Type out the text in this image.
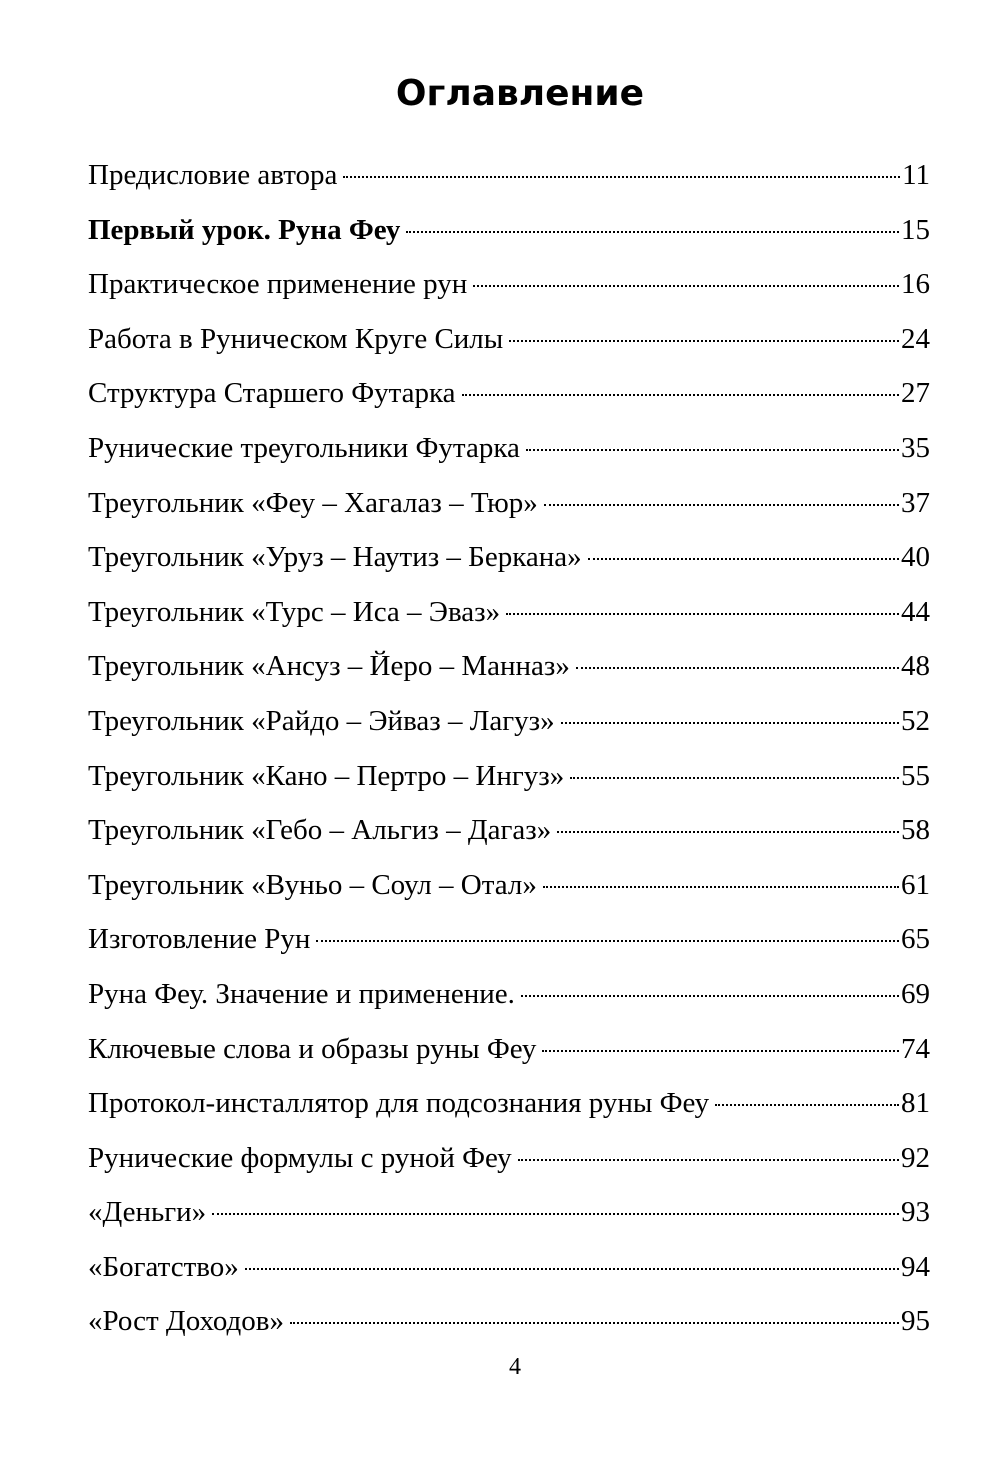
Оглавление
Предисловие автора	11
Первый урок. Руна Феу	15
Практическое применение рун	16
Работа в Руническом Круге Силы	24
Структура Старшего Футарка	27
Рунические треугольники Футарка	35
Треугольник «Феу – Хагалаз – Тюр»	37
Треугольник «Уруз – Наутиз – Беркана»	40
Треугольник «Турс – Иса – Эваз»	44
Треугольник «Ансуз – Йеро – Манназ»	48
Треугольник «Райдо – Эйваз – Лагуз»	52
Треугольник «Кано – Пертро – Ингуз»	55
Треугольник «Гебо – Альгиз – Дагаз»	58
Треугольник «Вуньо – Соул – Отал»	61
Изготовление Рун	65
Руна Феу. Значение и применение.	69
Ключевые слова и образы руны Феу	74
Протокол-инсталлятор для подсознания руны Феу	81
Рунические формулы с руной Феу	92
«Деньги»	93
«Богатство»	94
«Рост Доходов»	95
4
